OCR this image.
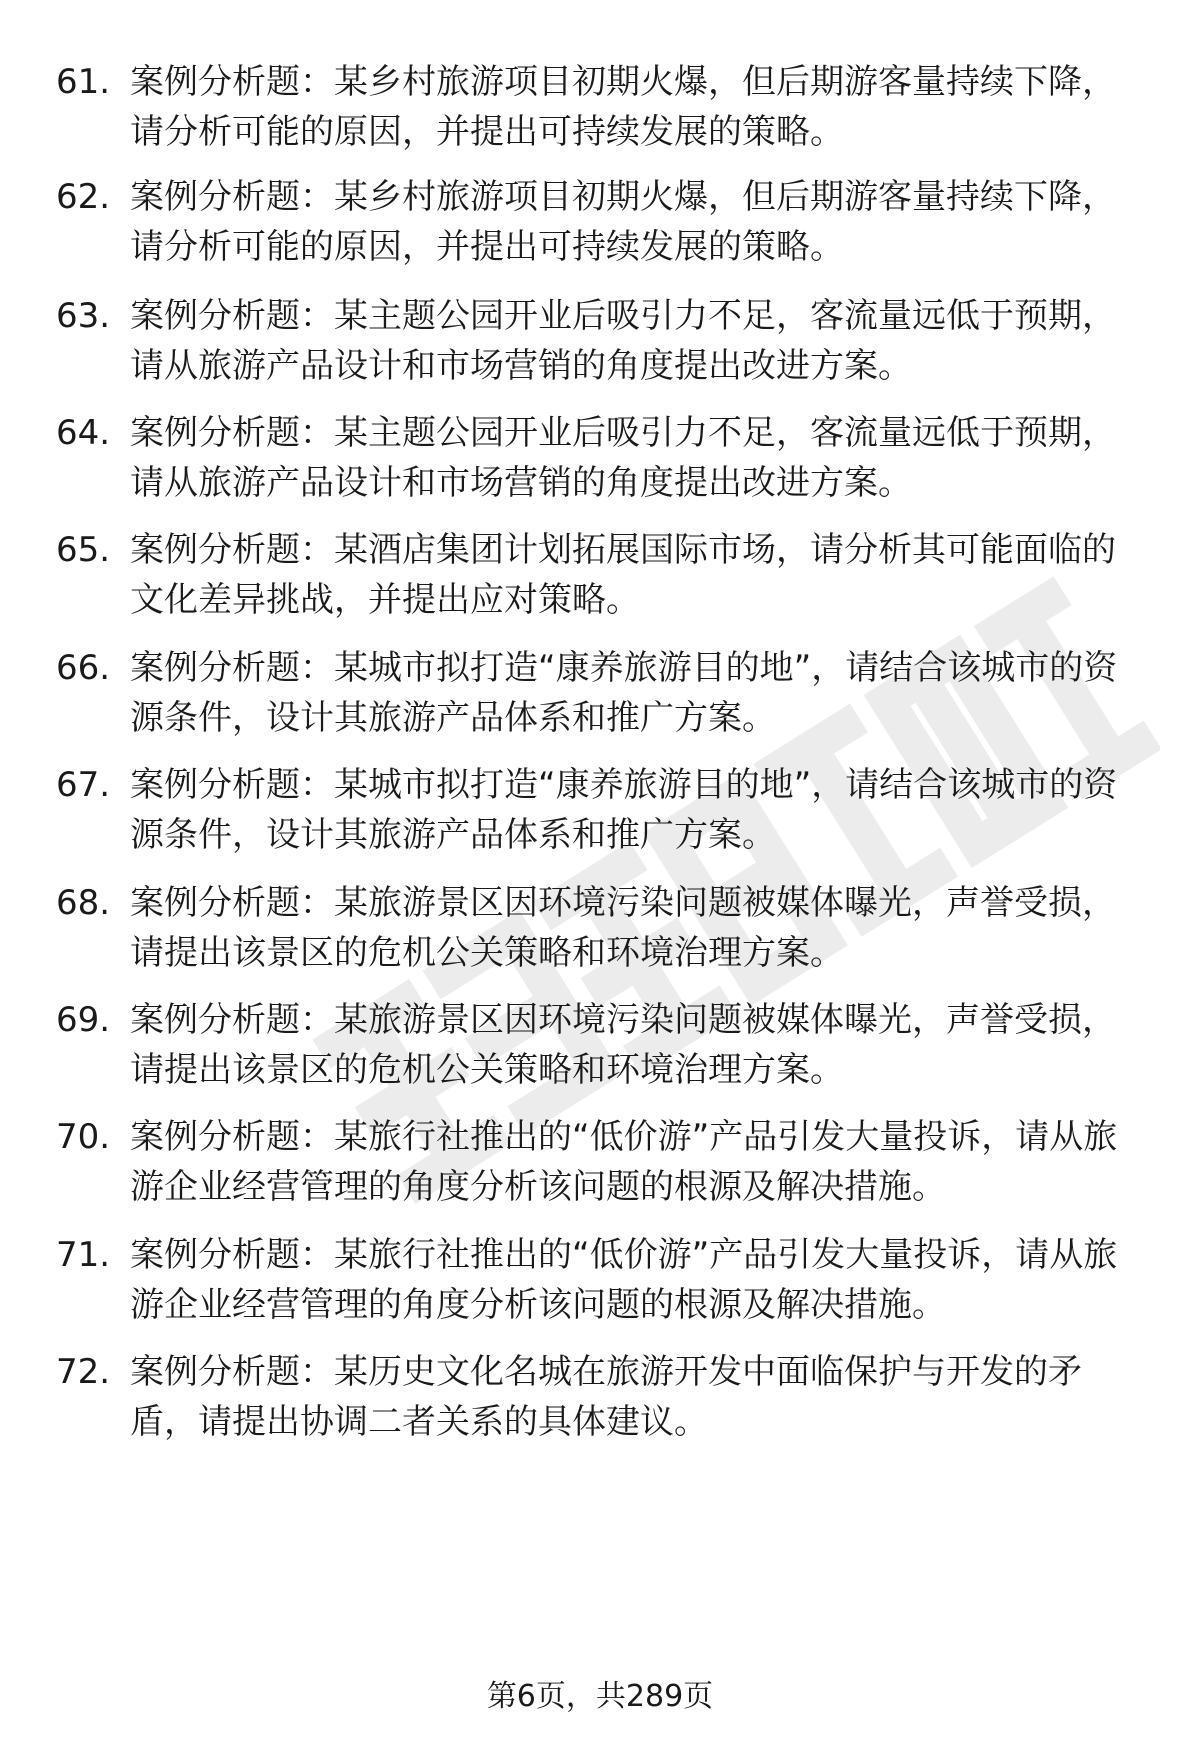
61. 案例分析题：某乡村旅游项目初期火爆，但后期游客量持续下降，请分析可能的原因，并提出可持续发展的策略。
62. 案例分析题：某乡村旅游项目初期火爆，但后期游客量持续下降，请分析可能的原因，并提出可持续发展的策略。
63. 案例分析题：某主题公园开业后吸引力不足，客流量远低于预期，请从旅游产品设计和市场营销的角度提出改进方案。
64. 案例分析题：某主题公园开业后吸引力不足，客流量远低于预期，请从旅游产品设计和市场营销的角度提出改进方案。
65. 案例分析题：某酒店集团计划拓展国际市场，请分析其可能面临的文化差异挑战，并提出应对策略。
66. 案例分析题：某城市拟打造“康养旅游目的地”，请结合该城市的资源条件，设计其旅游产品体系和推广方案。
67. 案例分析题：某城市拟打造“康养旅游目的地”，请结合该城市的资源条件，设计其旅游产品体系和推广方案。
68. 案例分析题：某旅游景区因环境污染问题被媒体曝光，声誉受损，请提出该景区的危机公关策略和环境治理方案。
69. 案例分析题：某旅游景区因环境污染问题被媒体曝光，声誉受损，请提出该景区的危机公关策略和环境治理方案。
70. 案例分析题：某旅行社推出的“低价游”产品引发大量投诉，请从旅游企业经营管理的角度分析该问题的根源及解决措施。
71. 案例分析题：某旅行社推出的“低价游”产品引发大量投诉，请从旅游企业经营管理的角度分析该问题的根源及解决措施。
72. 案例分析题：某历史文化名城在旅游开发中面临保护与开发的矛盾，请提出协调二者关系的具体建议。
第6页，共289页
